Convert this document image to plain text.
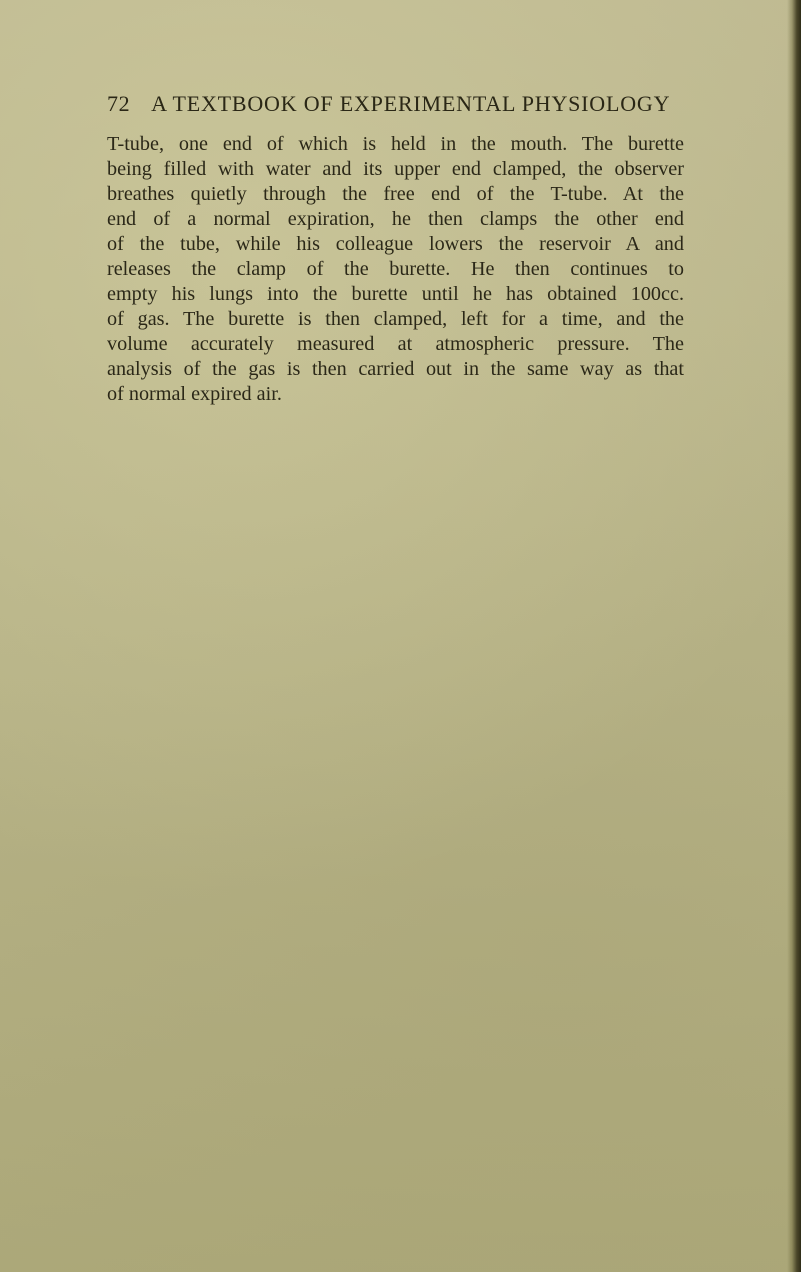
72 A TEXTBOOK OF EXPERIMENTAL PHYSIOLOGY
T-tube, one end of which is held in the mouth. The burette
being filled with water and its upper end clamped, the observer
breathes quietly through the free end of the T-tube. At the
end of a normal expiration, he then clamps the other end
of the tube, while his colleague lowers the reservoir A and
releases the clamp of the burette. He then continues to
empty his lungs into the burette until he has obtained 100cc.
of gas. The burette is then clamped, left for a time, and the
volume accurately measured at atmospheric pressure. The
analysis of the gas is then carried out in the same way as that
of normal expired air.
